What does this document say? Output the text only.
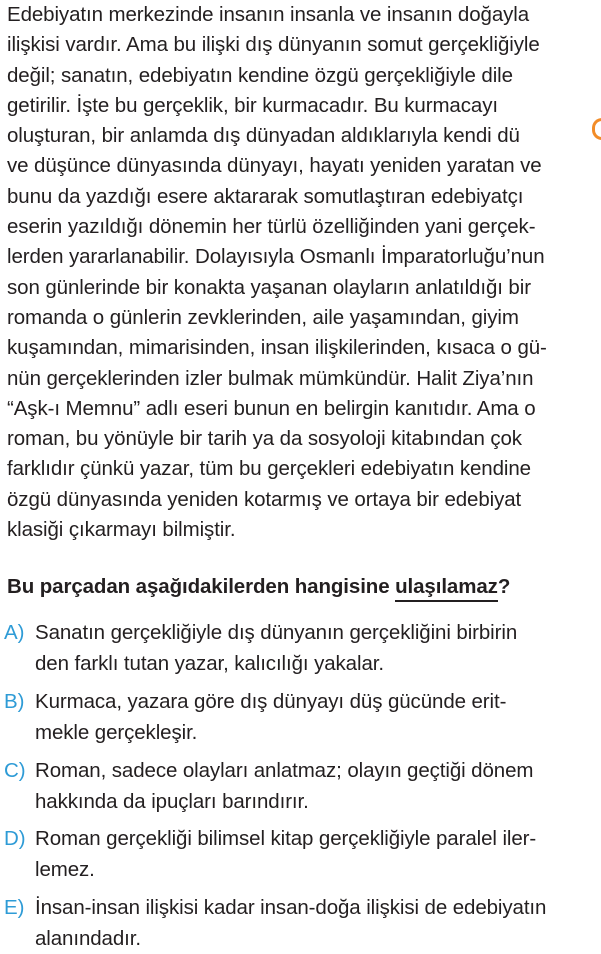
Edebiyatın merkezinde insanın insanla ve insanın doğayla
ilişkisi vardır. Ama bu ilişki dış dünyanın somut gerçekliğiyle
değil; sanatın, edebiyatın kendine özgü gerçekliğiyle dile
getirilir. İşte bu gerçeklik, bir kurmacadır. Bu kurmacayı
oluşturan, bir anlamda dış dünyadan aldıklarıyla kendi dü
ve düşünce dünyasında dünyayı, hayatı yeniden yaratan ve
bunu da yazdığı esere aktararak somutlaştıran edebiyatçı
eserin yazıldığı dönemin her türlü özelliğinden yani gerçek-
lerden yararlanabilir. Dolayısıyla Osmanlı İmparatorluğu’nun
son günlerinde bir konakta yaşanan olayların anlatıldığı bir
romanda o günlerin zevklerinden, aile yaşamından, giyim
kuşamından, mimarisinden, insan ilişkilerinden, kısaca o gü-
nün gerçeklerinden izler bulmak mümkündür. Halit Ziya’nın
“Aşk-ı Memnu” adlı eseri bunun en belirgin kanıtıdır. Ama o
roman, bu yönüyle bir tarih ya da sosyoloji kitabından çok
farklıdır çünkü yazar, tüm bu gerçekleri edebiyatın kendine
özgü dünyasında yeniden kotarmış ve ortaya bir edebiyat
klasiği çıkarmayı bilmiştir.
Bu parçadan aşağıdakilerden hangisine ulaşılamaz?
A) Sanatın gerçekliğiyle dış dünyanın gerçekliğini birbirin
den farklı tutan yazar, kalıcılığı yakalar.
B) Kurmaca, yazara göre dış dünyayı düş gücünde erit-
mekle gerçekleşir.
C) Roman, sadece olayları anlatmaz; olayın geçtiği dönem
hakkında da ipuçları barındırır.
D) Roman gerçekliği bilimsel kitap gerçekliğiyle paralel iler-
lemez.
E) İnsan-insan ilişkisi kadar insan-doğa ilişkisi de edebiyatın
alanındadır.
